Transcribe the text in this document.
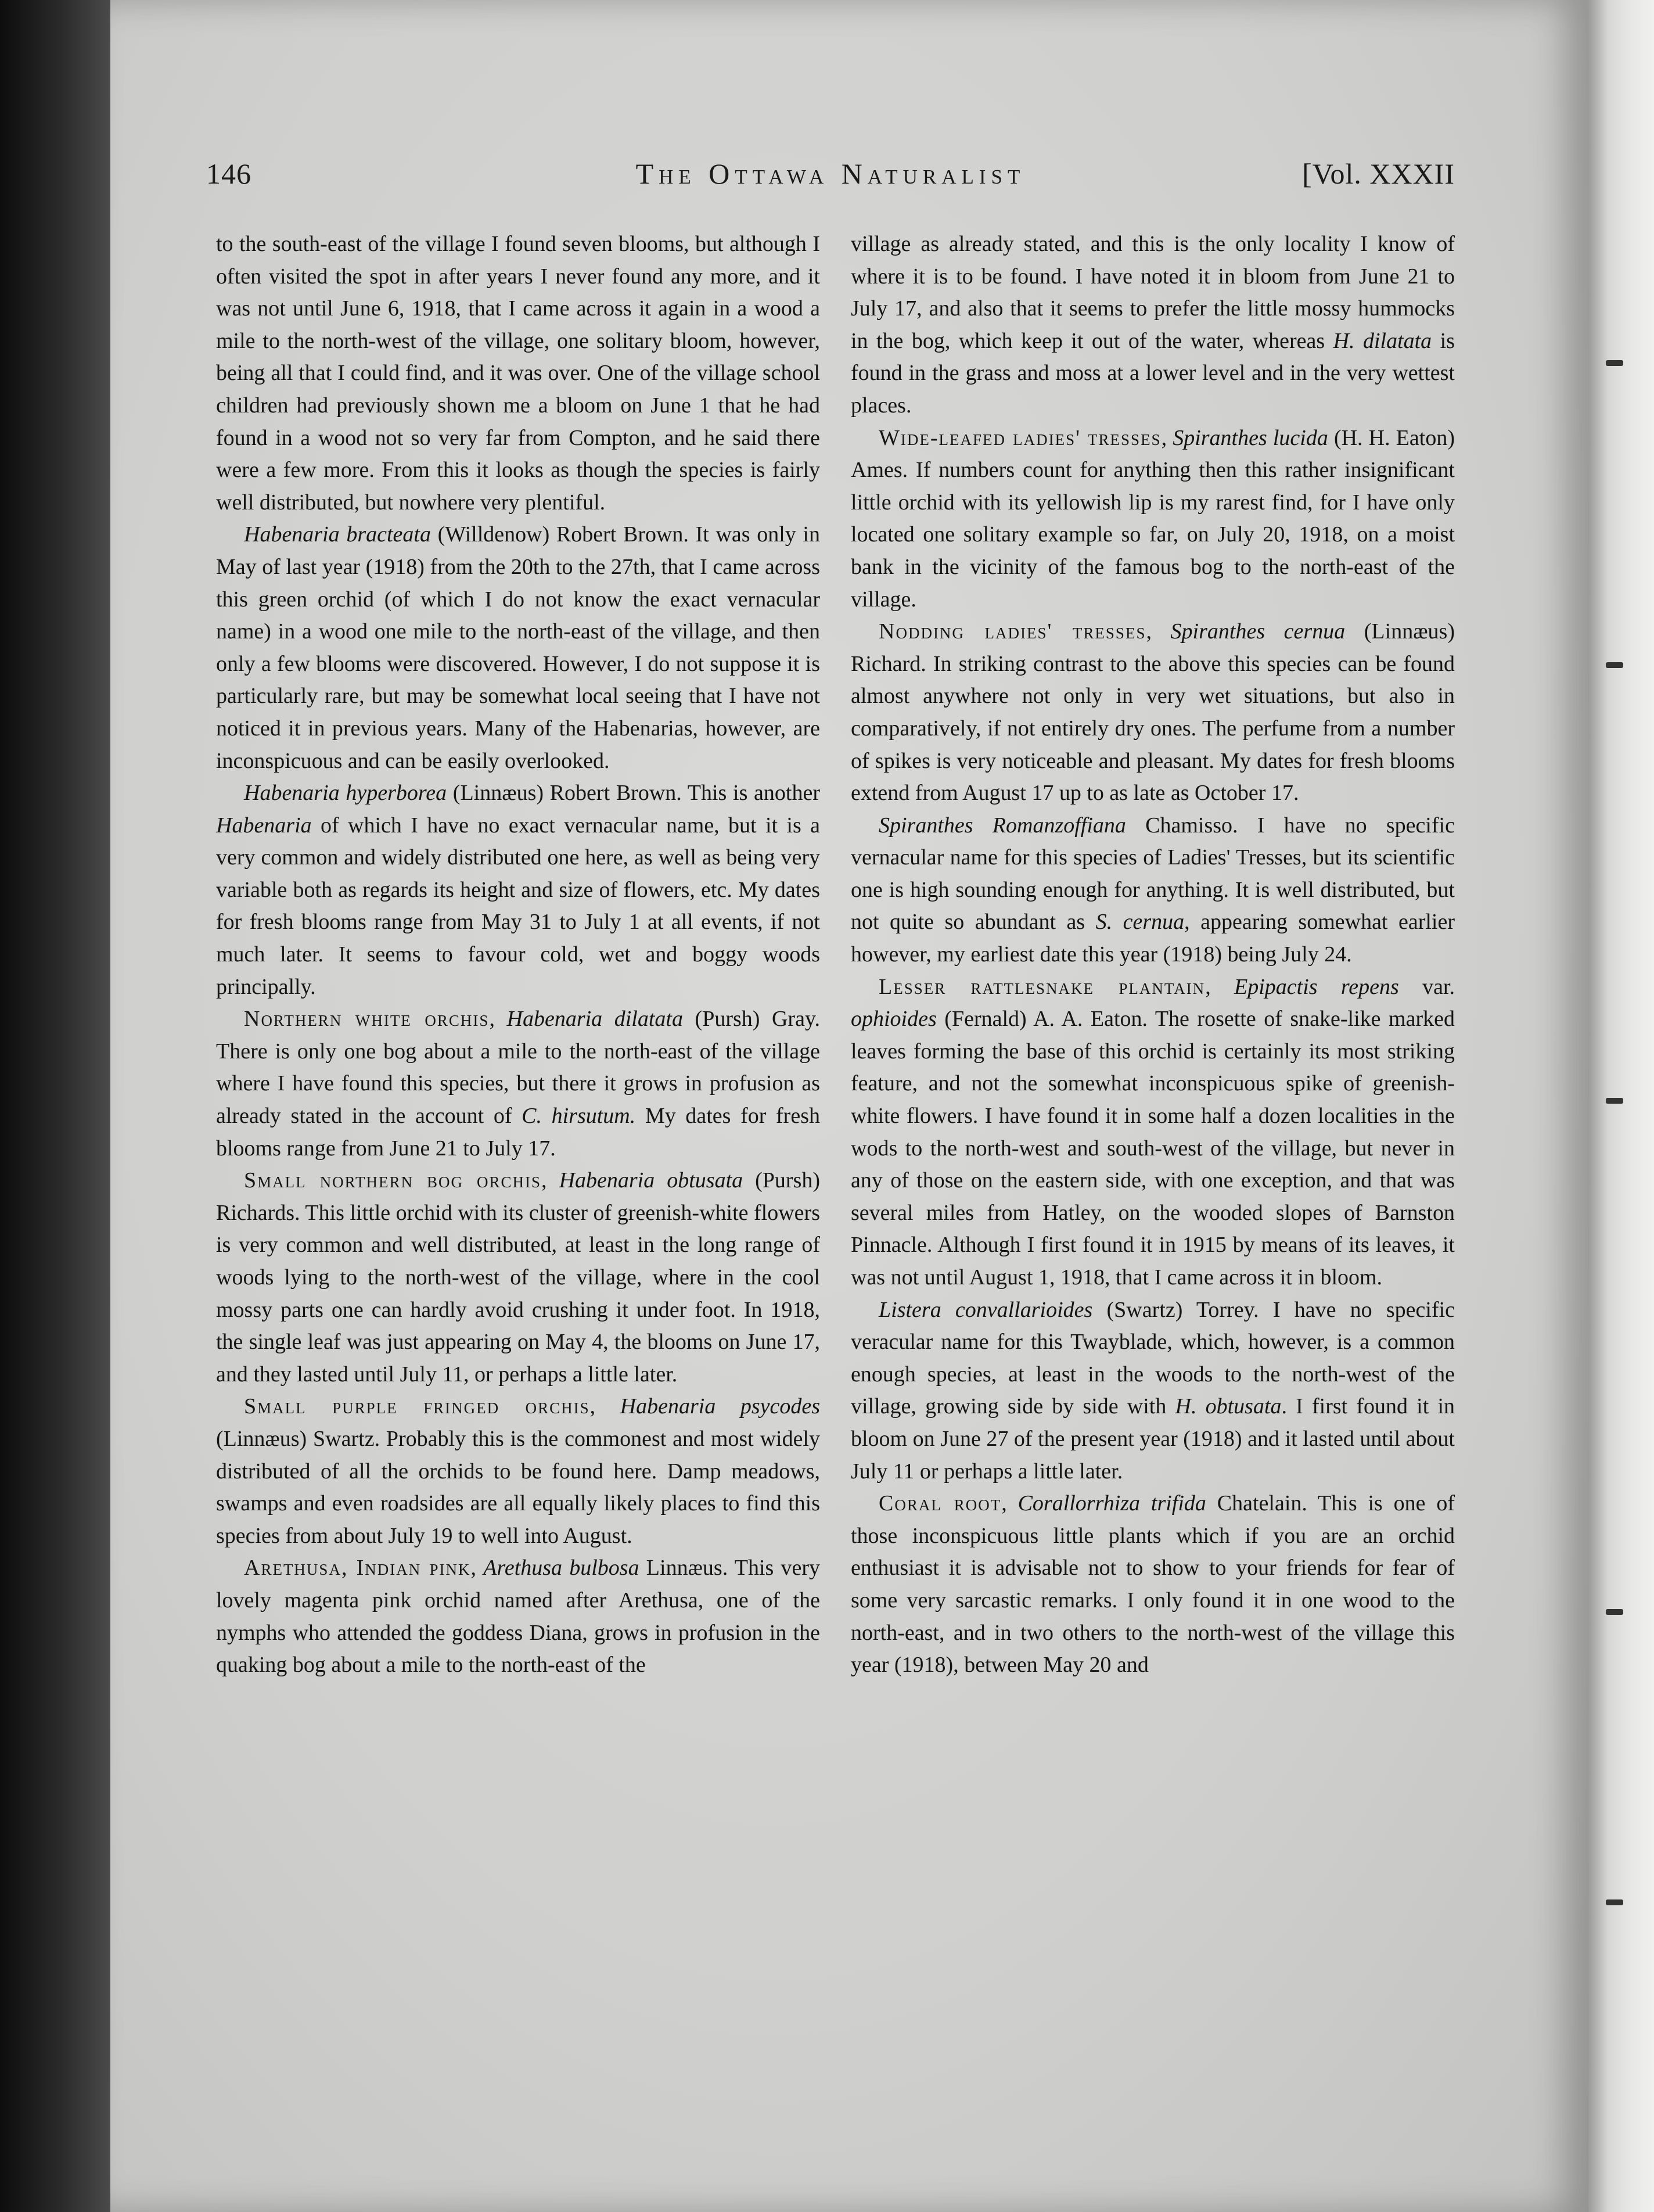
146	The Ottawa Naturalist	[Vol. XXXII

to the south-east of the village I found seven blooms, but although I often visited the spot in after years I never found any more, and it was not until June 6, 1918, that I came across it again in a wood a mile to the north-west of the village, one solitary bloom, however, being all that I could find, and it was over. One of the village school children had previously shown me a bloom on June 1 that he had found in a wood not so very far from Compton, and he said there were a few more. From this it looks as though the species is fairly well distributed, but nowhere very plentiful.

Habenaria bracteata (Willdenow) Robert Brown. It was only in May of last year (1918) from the 20th to the 27th, that I came across this green orchid (of which I do not know the exact vernacular name) in a wood one mile to the north-east of the village, and then only a few blooms were discovered. However, I do not suppose it is particularly rare, but may be somewhat local seeing that I have not noticed it in previous years. Many of the Habenarias, however, are inconspicuous and can be easily overlooked.

Habenaria hyperborea (Linnæus) Robert Brown. This is another Habenaria of which I have no exact vernacular name, but it is a very common and widely distributed one here, as well as being very variable both as regards its height and size of flowers, etc. My dates for fresh blooms range from May 31 to July 1 at all events, if not much later. It seems to favour cold, wet and boggy woods principally.

Northern white orchis, Habenaria dilatata (Pursh) Gray. There is only one bog about a mile to the north-east of the village where I have found this species, but there it grows in profusion as already stated in the account of C. hirsutum. My dates for fresh blooms range from June 21 to July 17.

Small northern bog orchis, Habenaria obtusata (Pursh) Richards. This little orchid with its cluster of greenish-white flowers is very common and well distributed, at least in the long range of woods lying to the north-west of the village, where in the cool mossy parts one can hardly avoid crushing it under foot. In 1918, the single leaf was just appearing on May 4, the blooms on June 17, and they lasted until July 11, or perhaps a little later.

Small purple fringed orchis, Habenaria psycodes (Linnæus) Swartz. Probably this is the commonest and most widely distributed of all the orchids to be found here. Damp meadows, swamps and even roadsides are all equally likely places to find this species from about July 19 to well into August.

Arethusa, Indian pink, Arethusa bulbosa Linnæus. This very lovely magenta pink orchid named after Arethusa, one of the nymphs who attended the goddess Diana, grows in profusion in the quaking bog about a mile to the north-east of the

village as already stated, and this is the only locality I know of where it is to be found. I have noted it in bloom from June 21 to July 17, and also that it seems to prefer the little mossy hummocks in the bog, which keep it out of the water, whereas H. dilatata is found in the grass and moss at a lower level and in the very wettest places.

Wide-leafed ladies' tresses, Spiranthes lucida (H. H. Eaton) Ames. If numbers count for anything then this rather insignificant little orchid with its yellowish lip is my rarest find, for I have only located one solitary example so far, on July 20, 1918, on a moist bank in the vicinity of the famous bog to the north-east of the village.

Nodding ladies' tresses, Spiranthes cernua (Linnæus) Richard. In striking contrast to the above this species can be found almost anywhere not only in very wet situations, but also in comparatively, if not entirely dry ones. The perfume from a number of spikes is very noticeable and pleasant. My dates for fresh blooms extend from August 17 up to as late as October 17.

Spiranthes Romanzoffiana Chamisso. I have no specific vernacular name for this species of Ladies' Tresses, but its scientific one is high sounding enough for anything. It is well distributed, but not quite so abundant as S. cernua, appearing somewhat earlier however, my earliest date this year (1918) being July 24.

Lesser rattlesnake plantain, Epipactis repens var. ophioides (Fernald) A. A. Eaton. The rosette of snake-like marked leaves forming the base of this orchid is certainly its most striking feature, and not the somewhat inconspicuous spike of greenish-white flowers. I have found it in some half a dozen localities in the wods to the north-west and south-west of the village, but never in any of those on the eastern side, with one exception, and that was several miles from Hatley, on the wooded slopes of Barnston Pinnacle. Although I first found it in 1915 by means of its leaves, it was not until August 1, 1918, that I came across it in bloom.

Listera convallarioides (Swartz) Torrey. I have no specific veracular name for this Twayblade, which, however, is a common enough species, at least in the woods to the north-west of the village, growing side by side with H. obtusata. I first found it in bloom on June 27 of the present year (1918) and it lasted until about July 11 or perhaps a little later.

Coral root, Corallorrhiza trifida Chatelain. This is one of those inconspicuous little plants which if you are an orchid enthusiast it is advisable not to show to your friends for fear of some very sarcastic remarks. I only found it in one wood to the north-east, and in two others to the north-west of the village this year (1918), between May 20 and
